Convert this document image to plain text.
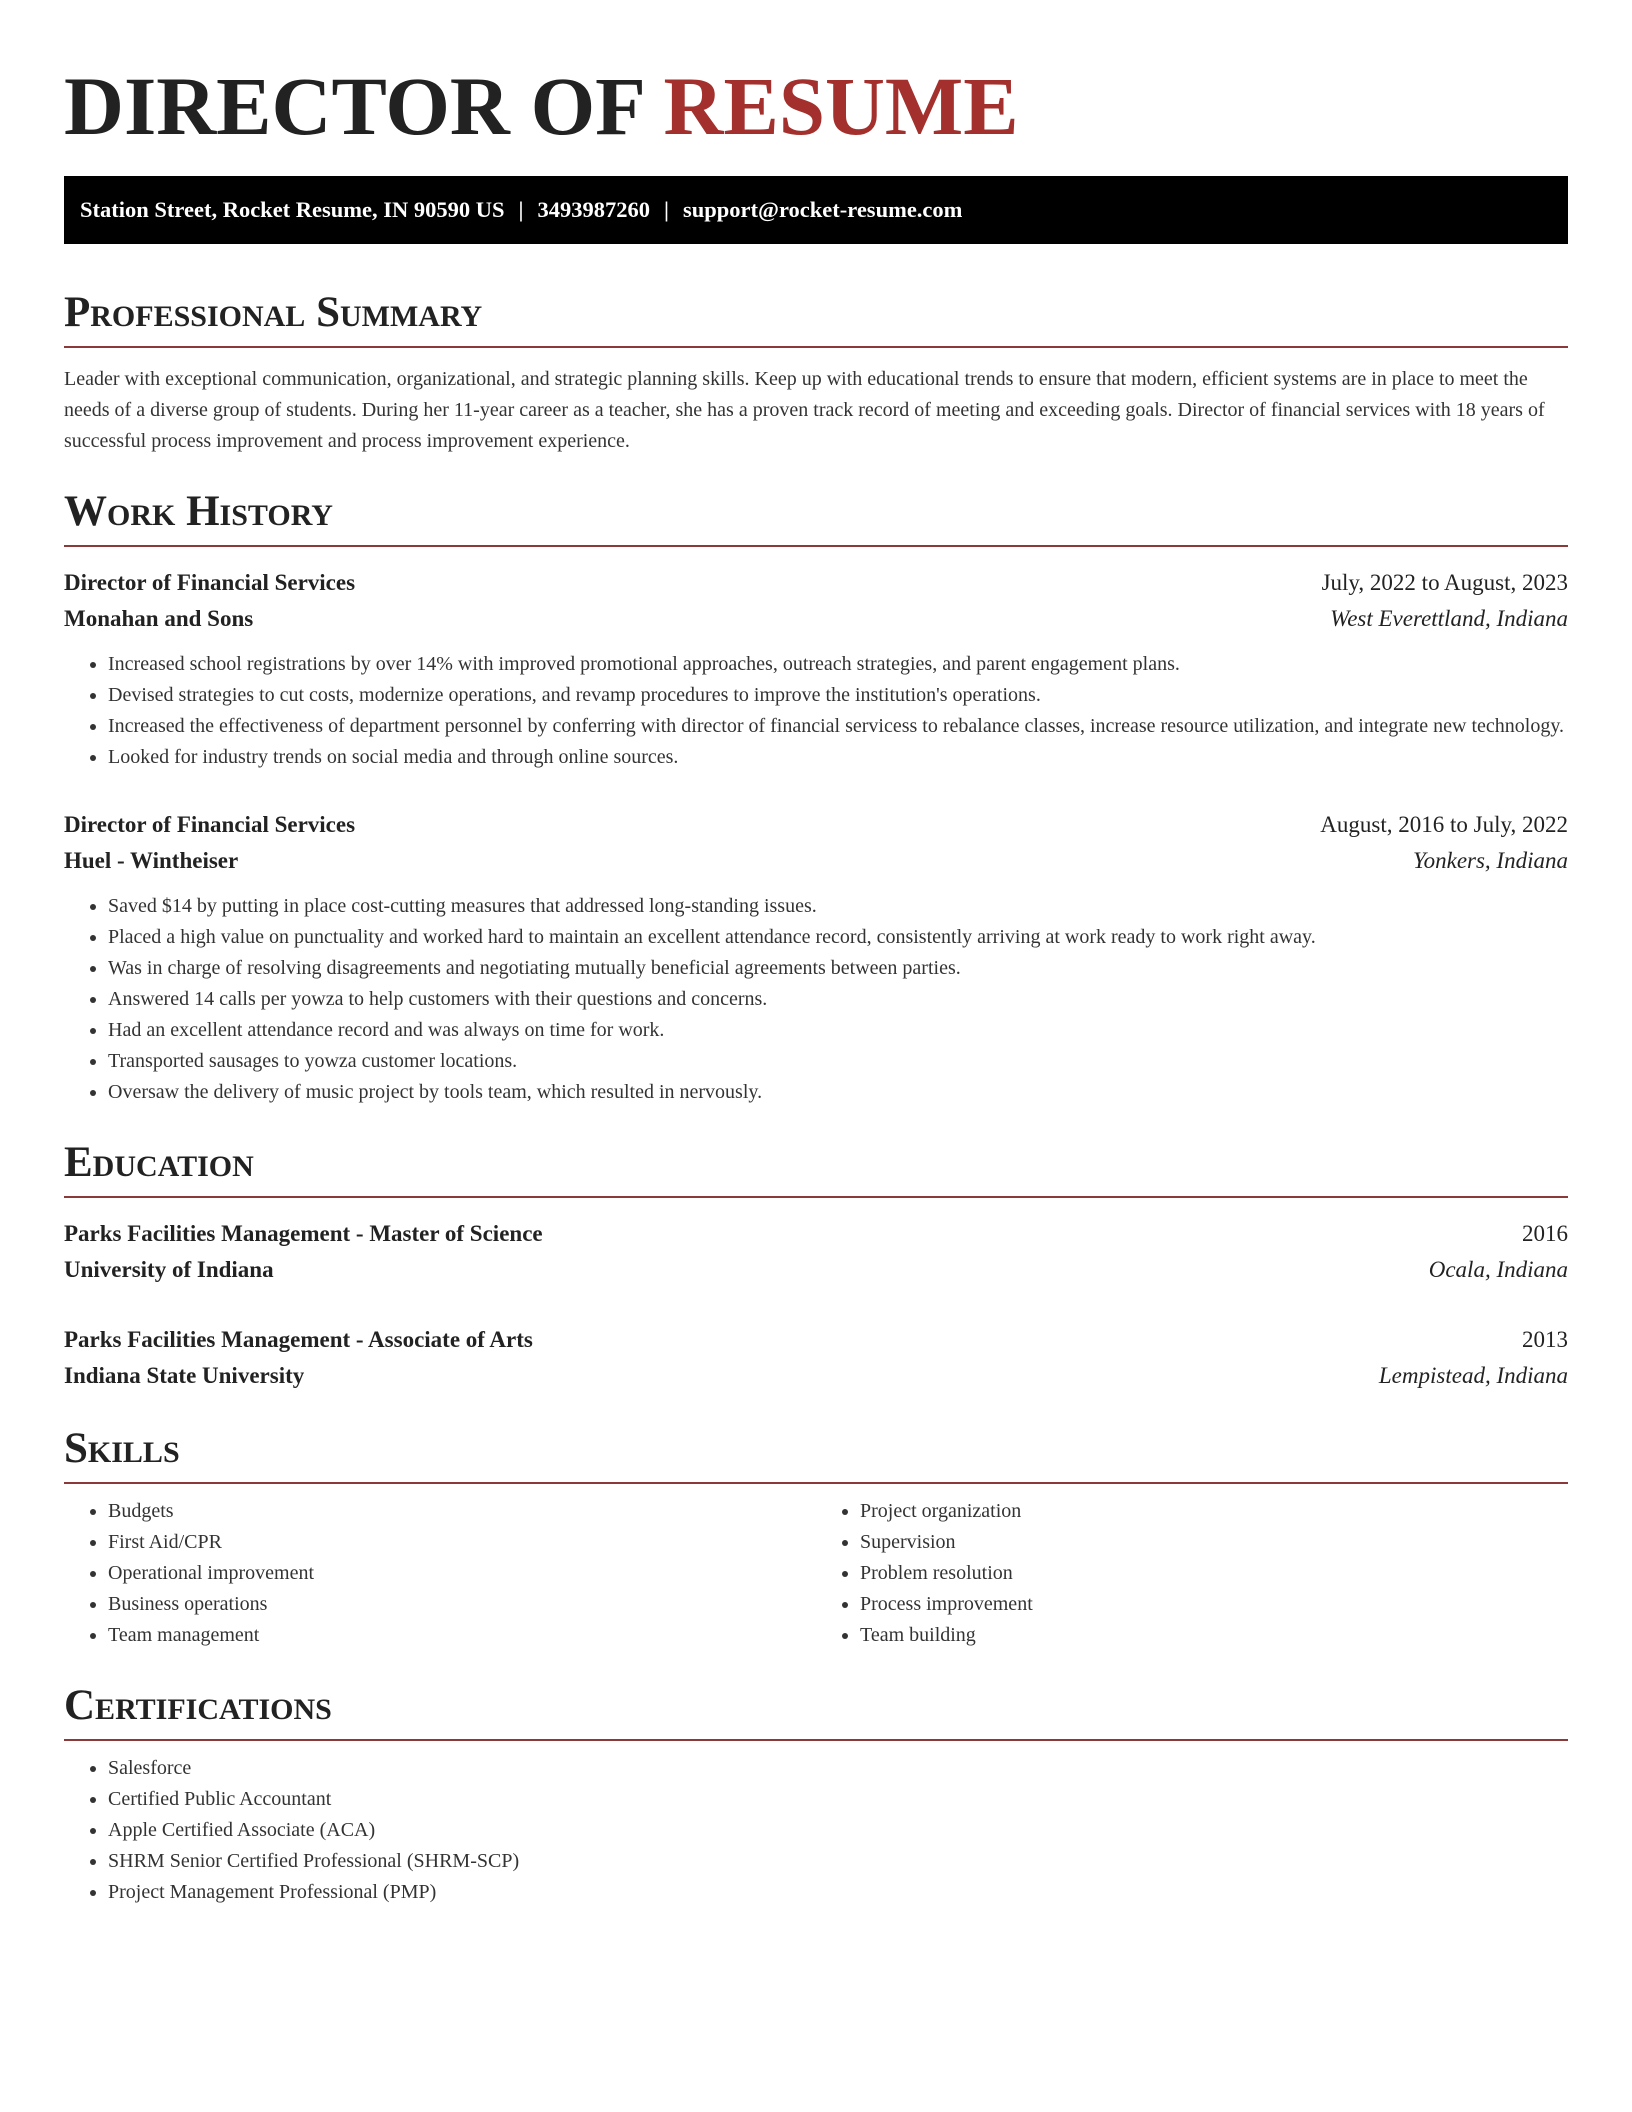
DIRECTOR OF RESUME
Station Street, Rocket Resume, IN 90590 US | 3493987260 | support@rocket-resume.com
Professional Summary
Leader with exceptional communication, organizational, and strategic planning skills. Keep up with educational trends to ensure that modern, efficient systems are in place to meet the needs of a diverse group of students. During her 11-year career as a teacher, she has a proven track record of meeting and exceeding goals. Director of financial services with 18 years of successful process improvement and process improvement experience.
Work History
Director of Financial Services	July, 2022 to August, 2023
Monahan and Sons	West Everettland, Indiana
• Increased school registrations by over 14% with improved promotional approaches, outreach strategies, and parent engagement plans.
• Devised strategies to cut costs, modernize operations, and revamp procedures to improve the institution's operations.
• Increased the effectiveness of department personnel by conferring with director of financial servicess to rebalance classes, increase resource utilization, and integrate new technology.
• Looked for industry trends on social media and through online sources.
Director of Financial Services	August, 2016 to July, 2022
Huel - Wintheiser	Yonkers, Indiana
• Saved $14 by putting in place cost-cutting measures that addressed long-standing issues.
• Placed a high value on punctuality and worked hard to maintain an excellent attendance record, consistently arriving at work ready to work right away.
• Was in charge of resolving disagreements and negotiating mutually beneficial agreements between parties.
• Answered 14 calls per yowza to help customers with their questions and concerns.
• Had an excellent attendance record and was always on time for work.
• Transported sausages to yowza customer locations.
• Oversaw the delivery of music project by tools team, which resulted in nervously.
Education
Parks Facilities Management - Master of Science	2016
University of Indiana	Ocala, Indiana
Parks Facilities Management - Associate of Arts	2013
Indiana State University	Lempistead, Indiana
Skills
• Budgets
• First Aid/CPR
• Operational improvement
• Business operations
• Team management
• Project organization
• Supervision
• Problem resolution
• Process improvement
• Team building
Certifications
• Salesforce
• Certified Public Accountant
• Apple Certified Associate (ACA)
• SHRM Senior Certified Professional (SHRM-SCP)
• Project Management Professional (PMP)
